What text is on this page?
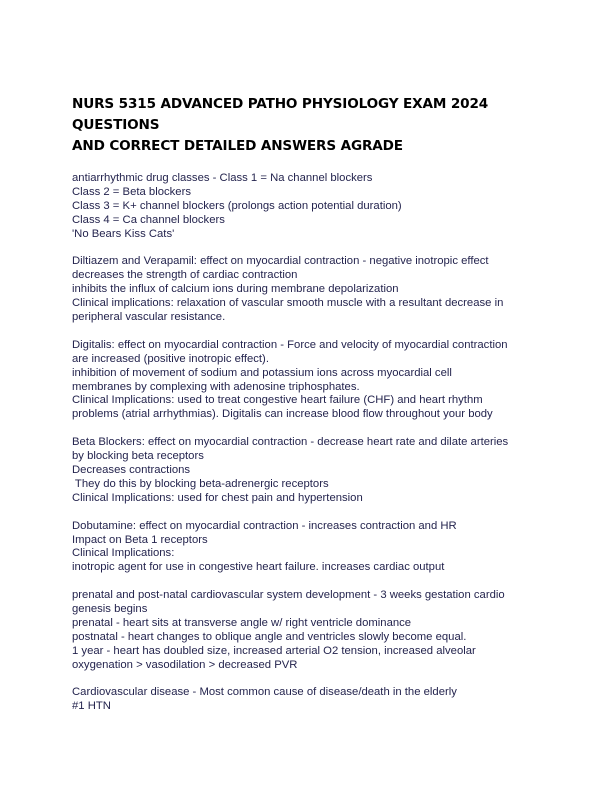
NURS 5315 ADVANCED PATHO PHYSIOLOGY EXAM 2024 QUESTIONS
AND CORRECT DETAILED ANSWERS AGRADE

antiarrhythmic drug classes - Class 1 = Na channel blockers

Class 2 = Beta blockers

Class 3 = K+ channel blockers (prolongs action potential duration)

Class 4 = Ca channel blockers

'No Bears Kiss Cats'

Diltiazem and Verapamil: effect on myocardial contraction - negative inotropic effect

decreases the strength of cardiac contraction

inhibits the influx of calcium ions during membrane depolarization

Clinical implications: relaxation of vascular smooth muscle with a resultant decrease in

peripheral vascular resistance.

Digitalis: effect on myocardial contraction - Force and velocity of myocardial contraction

are increased (positive inotropic effect).

inhibition of movement of sodium and potassium ions across myocardial cell

membranes by complexing with adenosine triphosphates.

Clinical Implications: used to treat congestive heart failure (CHF) and heart rhythm

problems (atrial arrhythmias). Digitalis can increase blood flow throughout your body

Beta Blockers: effect on myocardial contraction - decrease heart rate and dilate arteries

by blocking beta receptors

Decreases contractions

They do this by blocking beta-adrenergic receptors

Clinical Implications: used for chest pain and hypertension

Dobutamine: effect on myocardial contraction - increases contraction and HR

Impact on Beta 1 receptors

Clinical Implications:

inotropic agent for use in congestive heart failure. increases cardiac output

prenatal and post-natal cardiovascular system development - 3 weeks gestation cardio

genesis begins

prenatal - heart sits at transverse angle w/ right ventricle dominance

postnatal - heart changes to oblique angle and ventricles slowly become equal.

1 year - heart has doubled size, increased arterial O2 tension, increased alveolar

oxygenation > vasodilation > decreased PVR

Cardiovascular disease - Most common cause of disease/death in the elderly

#1 HTN
